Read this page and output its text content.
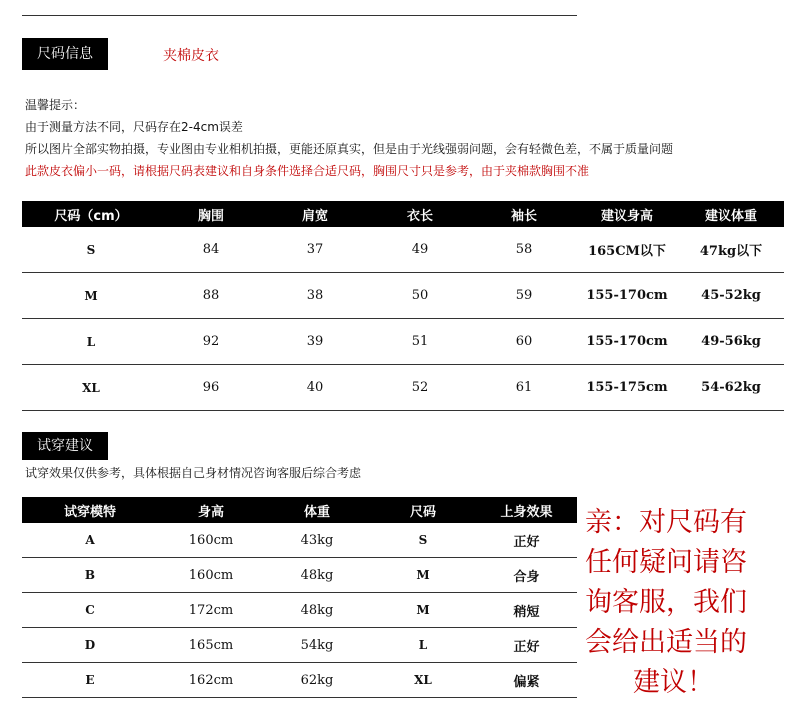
尺码信息	夹棉皮衣
温馨提示：
由于测量方法不同，尺码存在2-4cm误差
所以图片全部实物拍摄，专业图由专业相机拍摄，更能还原真实，但是由于光线强弱问题，会有轻微色差，不属于质量问题
此款皮衣偏小一码，请根据尺码表建议和自身条件选择合适尺码，胸围尺寸只是参考，由于夹棉款胸围不准
尺码（cm）	胸围	肩宽	衣长	袖长	建议身高	建议体重
S	84	37	49	58	165CM以下	47kg以下
M	88	38	50	59	155-170cm	45-52kg
L	92	39	51	60	155-170cm	49-56kg
XL	96	40	52	61	155-175cm	54-62kg
试穿建议
试穿效果仅供参考，具体根据自己身材情况咨询客服后综合考虑
试穿模特	身高	体重	尺码	上身效果
A	160cm	43kg	S	正好
B	160cm	48kg	M	合身
C	172cm	48kg	M	稍短
D	165cm	54kg	L	正好
E	162cm	62kg	XL	偏紧
亲：对尺码有
任何疑问请咨
询客服，我们
会给出适当的
建议！
